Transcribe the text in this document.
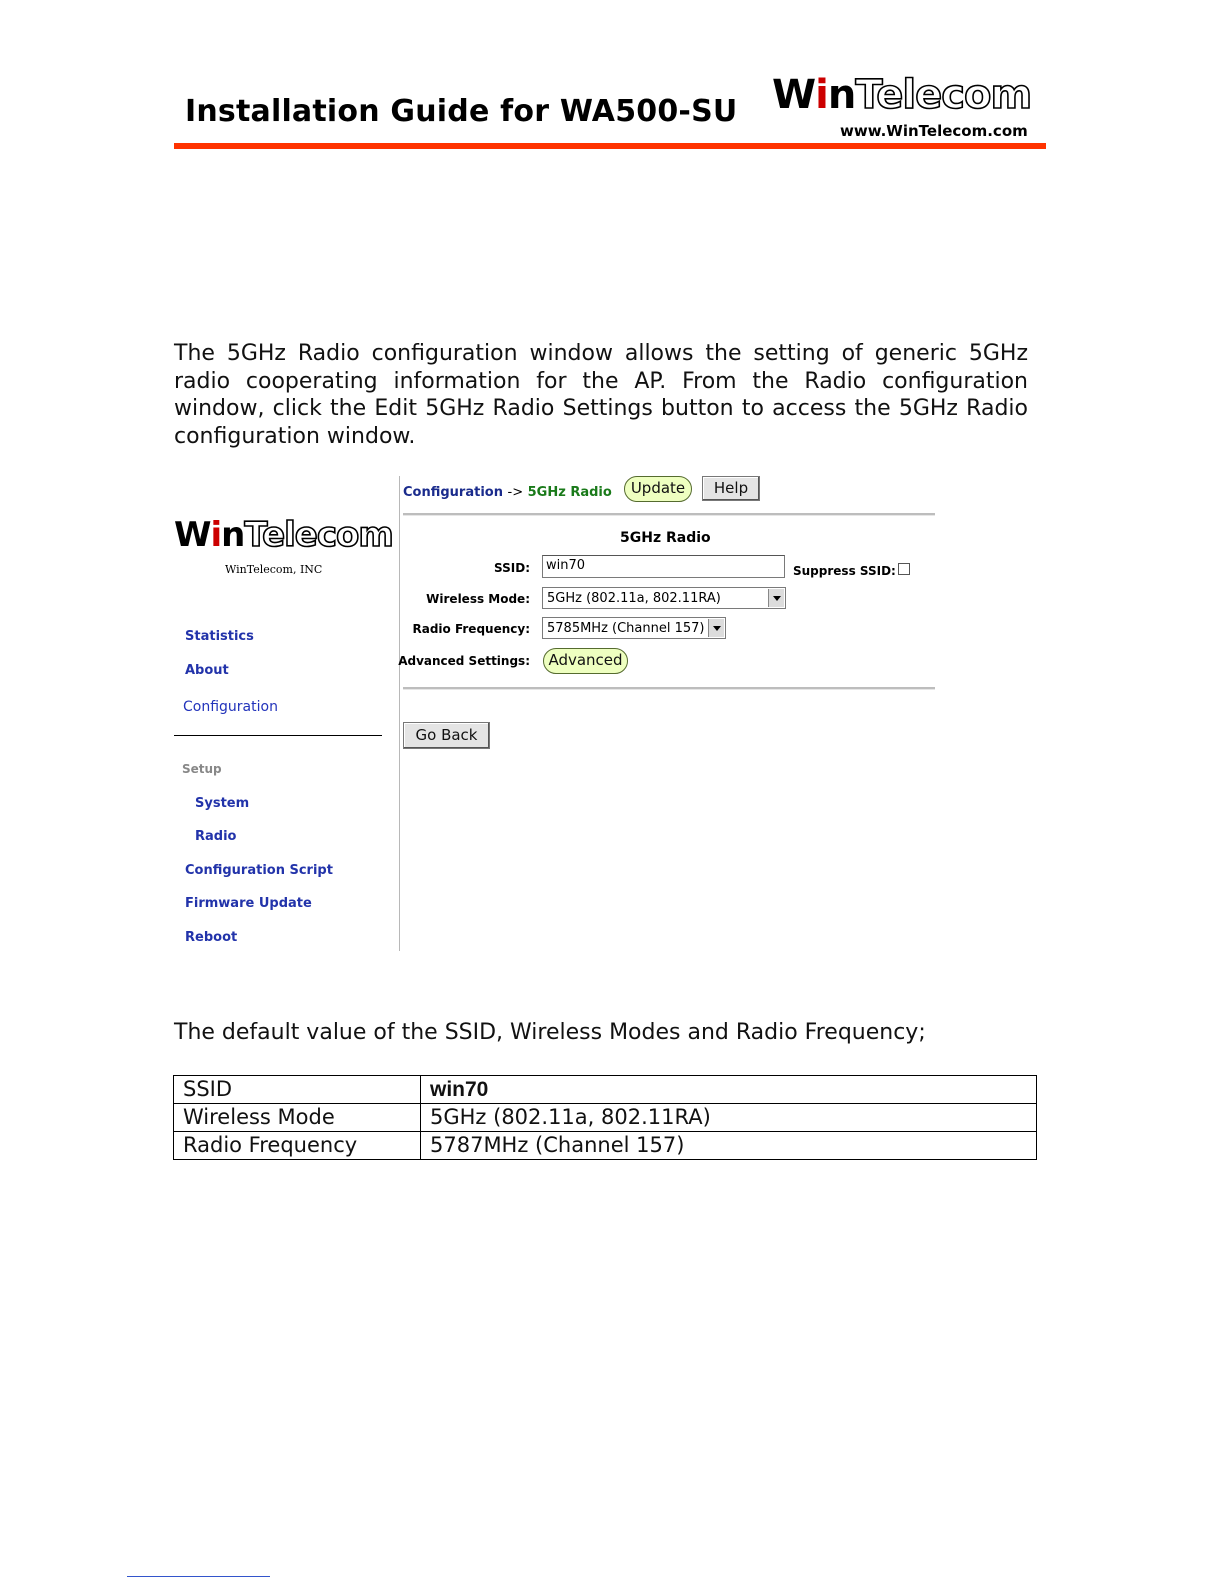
Installation Guide for WA500-SU WinTelecom
www.WinTelecom.com
The 5GHz Radio configuration window allows the setting of generic 5GHz radio cooperating information for the AP. From the Radio configuration window, click the Edit 5GHz Radio Settings button to access the 5GHz Radio configuration window.
WinTelecom
WinTelecom, INC
Statistics
About
Configuration
Setup
System
Radio
Configuration Script
Firmware Update
Reboot
Configuration -> 5GHz Radio	Update	Help
5GHz Radio
SSID:	win70	Suppress SSID:
Wireless Mode: 5GHz (802.11a, 802.11RA)
Radio Frequency: 5785MHz (Channel 157)
Advanced Settings:	Advanced
Go Back
The default value of the SSID, Wireless Modes and Radio Frequency;
SSID	win70
Wireless Mode	5GHz (802.11a, 802.11RA)
Radio Frequency	5787MHz (Channel 157)
